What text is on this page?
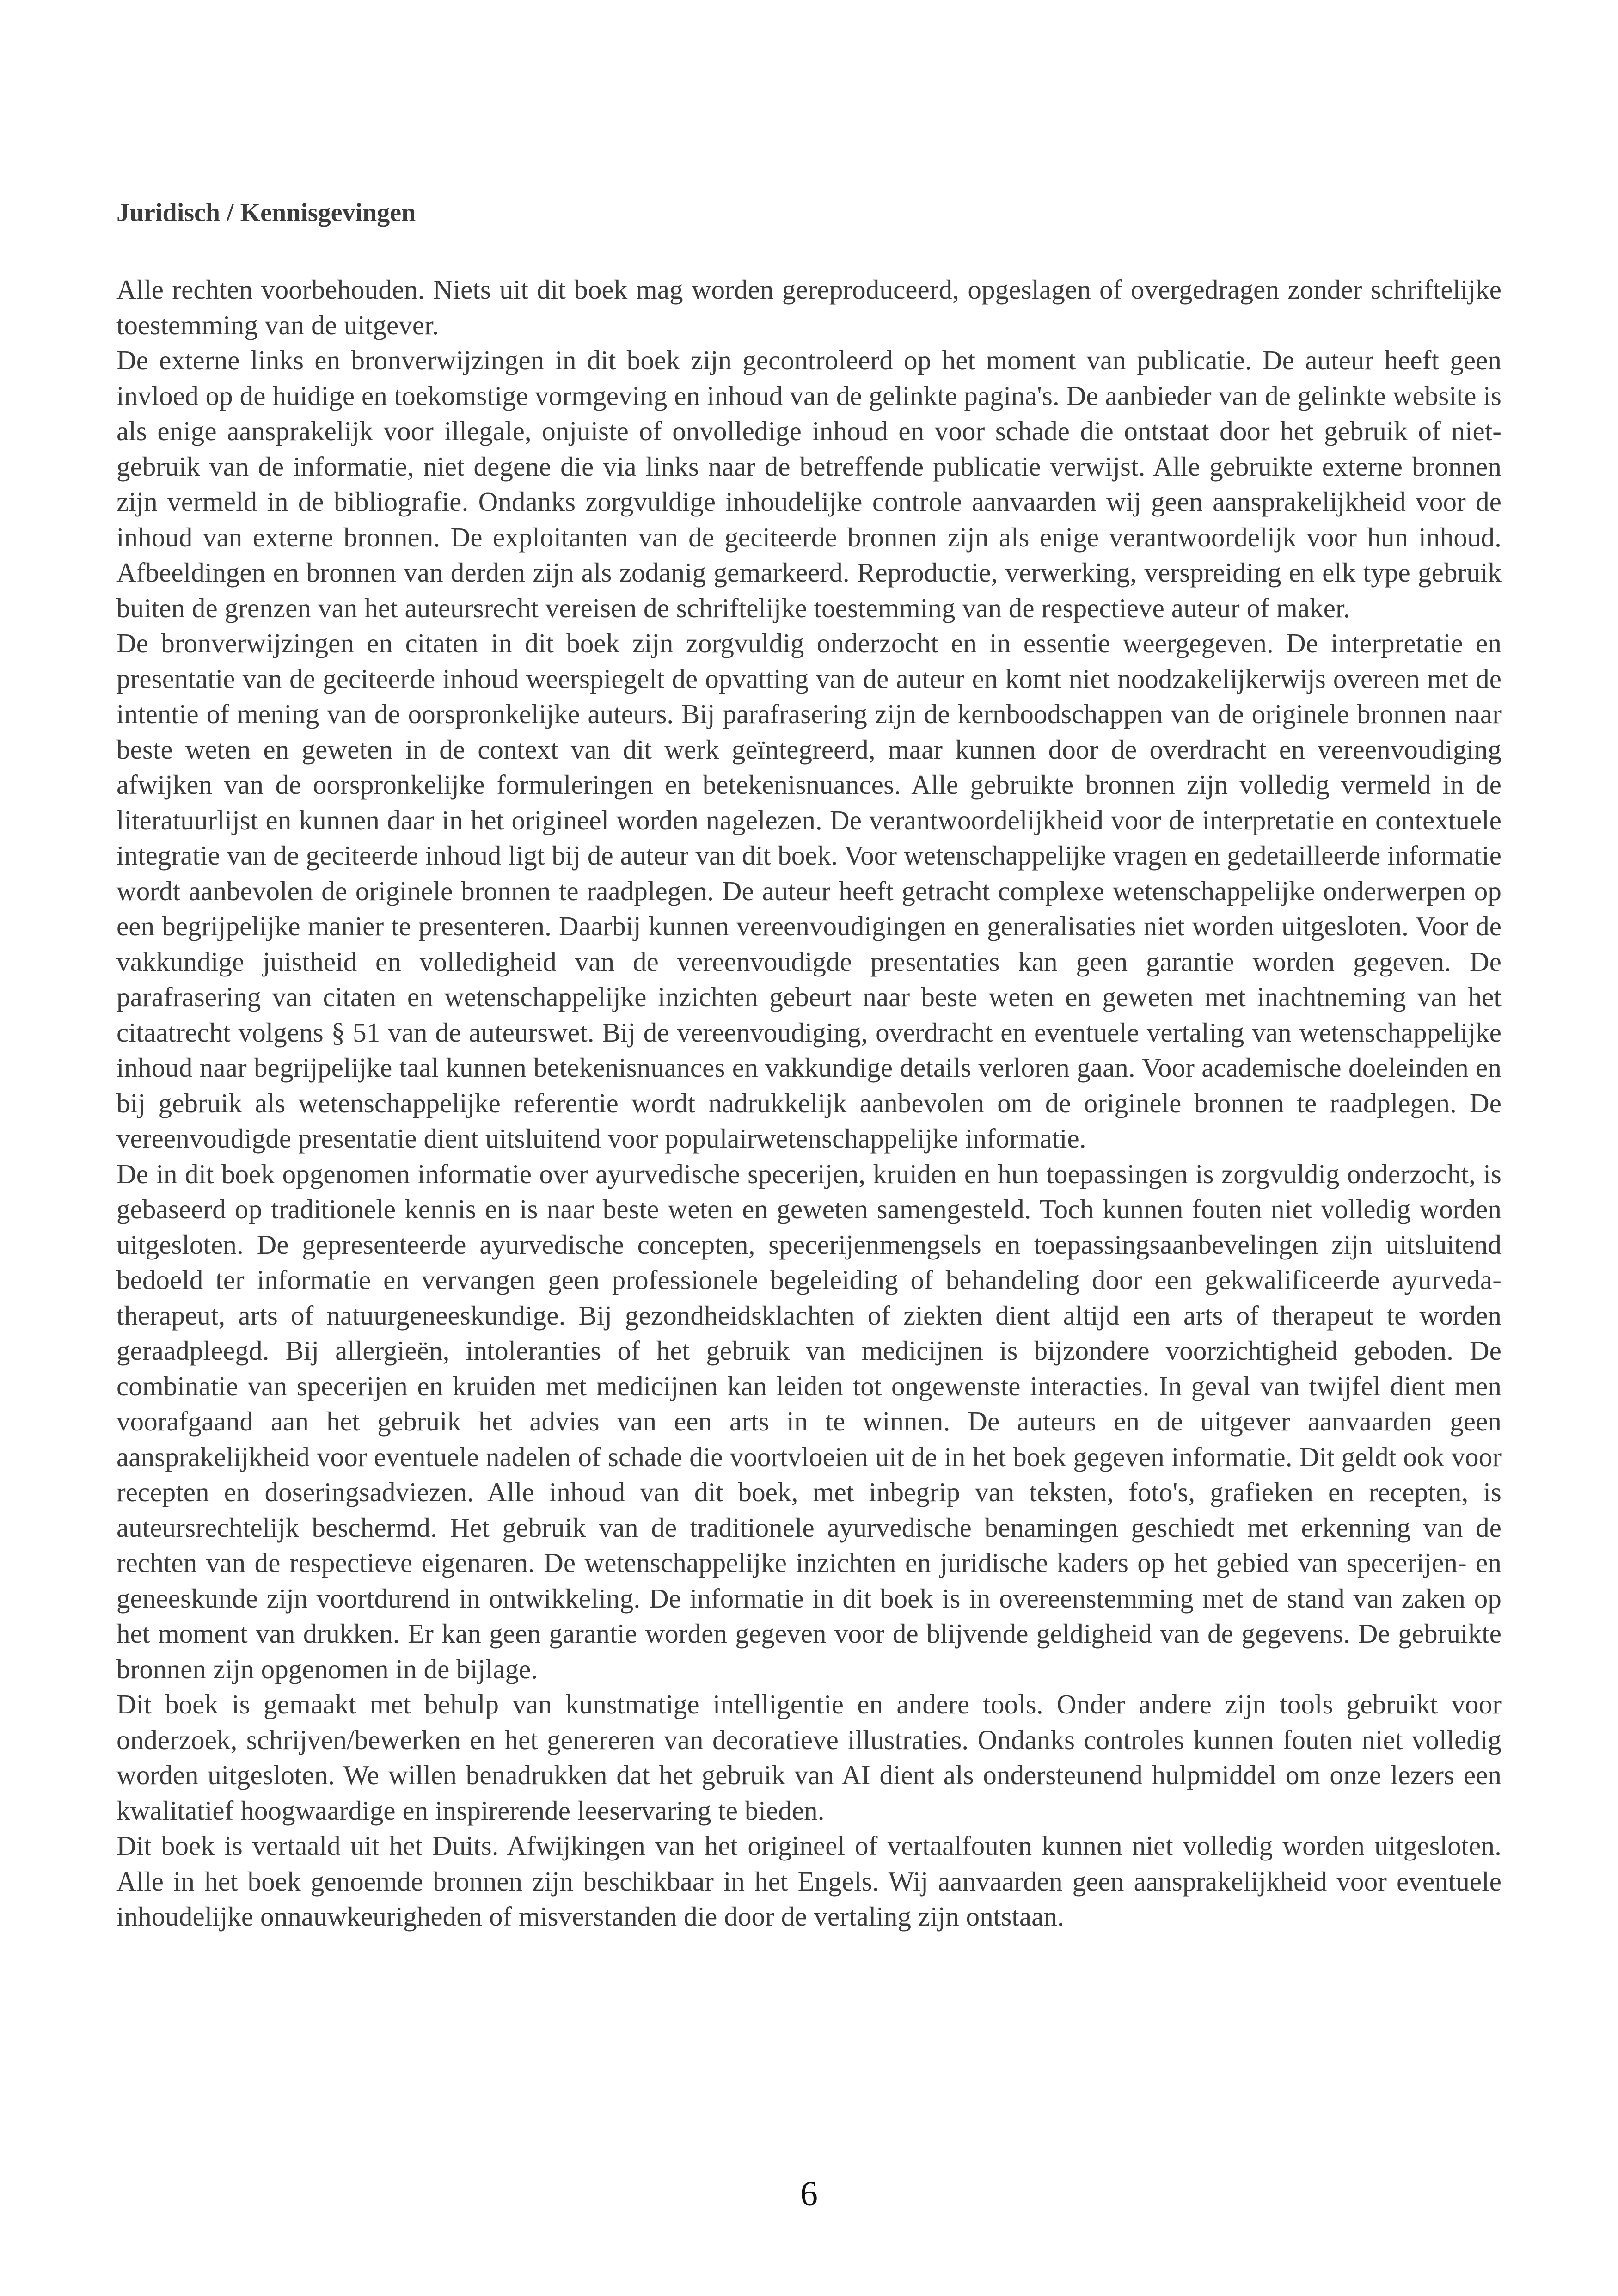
Juridisch / Kennisgevingen

Alle rechten voorbehouden. Niets uit dit boek mag worden gereproduceerd, opgeslagen of overgedragen zonder schriftelijke toestemming van de uitgever.

De externe links en bronverwijzingen in dit boek zijn gecontroleerd op het moment van publicatie. De auteur heeft geen invloed op de huidige en toekomstige vormgeving en inhoud van de gelinkte pagina's. De aanbieder van de gelinkte website is als enige aansprakelijk voor illegale, onjuiste of onvolledige inhoud en voor schade die ontstaat door het gebruik of niet-gebruik van de informatie, niet degene die via links naar de betreffende publicatie verwijst. Alle gebruikte externe bronnen zijn vermeld in de bibliografie. Ondanks zorgvuldige inhoudelijke controle aanvaarden wij geen aansprakelijkheid voor de inhoud van externe bronnen. De exploitanten van de geciteerde bronnen zijn als enige verantwoordelijk voor hun inhoud. Afbeeldingen en bronnen van derden zijn als zodanig gemarkeerd. Reproductie, verwerking, verspreiding en elk type gebruik buiten de grenzen van het auteursrecht vereisen de schriftelijke toestemming van de respectieve auteur of maker.

De bronverwijzingen en citaten in dit boek zijn zorgvuldig onderzocht en in essentie weergegeven. De interpretatie en presentatie van de geciteerde inhoud weerspiegelt de opvatting van de auteur en komt niet noodzakelijkerwijs overeen met de intentie of mening van de oorspronkelijke auteurs. Bij parafrasering zijn de kernboodschappen van de originele bronnen naar beste weten en geweten in de context van dit werk geïntegreerd, maar kunnen door de overdracht en vereenvoudiging afwijken van de oorspronkelijke formuleringen en betekenisnuances. Alle gebruikte bronnen zijn volledig vermeld in de literatuurlijst en kunnen daar in het origineel worden nagelezen. De verantwoordelijkheid voor de interpretatie en contextuele integratie van de geciteerde inhoud ligt bij de auteur van dit boek. Voor wetenschappelijke vragen en gedetailleerde informatie wordt aanbevolen de originele bronnen te raadplegen. De auteur heeft getracht complexe wetenschappelijke onderwerpen op een begrijpelijke manier te presenteren. Daarbij kunnen vereenvoudigingen en generalisaties niet worden uitgesloten. Voor de vakkundige juistheid en volledigheid van de vereenvoudigde presentaties kan geen garantie worden gegeven. De parafrasering van citaten en wetenschappelijke inzichten gebeurt naar beste weten en geweten met inachtneming van het citaatrecht volgens § 51 van de auteurswet. Bij de vereenvoudiging, overdracht en eventuele vertaling van wetenschappelijke inhoud naar begrijpelijke taal kunnen betekenisnuances en vakkundige details verloren gaan. Voor academische doeleinden en bij gebruik als wetenschappelijke referentie wordt nadrukkelijk aanbevolen om de originele bronnen te raadplegen. De vereenvoudigde presentatie dient uitsluitend voor populairwetenschappelijke informatie.

De in dit boek opgenomen informatie over ayurvedische specerijen, kruiden en hun toepassingen is zorgvuldig onderzocht, is gebaseerd op traditionele kennis en is naar beste weten en geweten samengesteld. Toch kunnen fouten niet volledig worden uitgesloten. De gepresenteerde ayurvedische concepten, specerijenmengsels en toepassingsaanbevelingen zijn uitsluitend bedoeld ter informatie en vervangen geen professionele begeleiding of behandeling door een gekwalificeerde ayurveda-therapeut, arts of natuurgeneeskundige. Bij gezondheidsklachten of ziekten dient altijd een arts of therapeut te worden geraadpleegd. Bij allergieën, intoleranties of het gebruik van medicijnen is bijzondere voorzichtigheid geboden. De combinatie van specerijen en kruiden met medicijnen kan leiden tot ongewenste interacties. In geval van twijfel dient men voorafgaand aan het gebruik het advies van een arts in te winnen. De auteurs en de uitgever aanvaarden geen aansprakelijkheid voor eventuele nadelen of schade die voortvloeien uit de in het boek gegeven informatie. Dit geldt ook voor recepten en doseringsadviezen. Alle inhoud van dit boek, met inbegrip van teksten, foto's, grafieken en recepten, is auteursrechtelijk beschermd. Het gebruik van de traditionele ayurvedische benamingen geschiedt met erkenning van de rechten van de respectieve eigenaren. De wetenschappelijke inzichten en juridische kaders op het gebied van specerijen- en geneeskunde zijn voortdurend in ontwikkeling. De informatie in dit boek is in overeenstemming met de stand van zaken op het moment van drukken. Er kan geen garantie worden gegeven voor de blijvende geldigheid van de gegevens. De gebruikte bronnen zijn opgenomen in de bijlage.

Dit boek is gemaakt met behulp van kunstmatige intelligentie en andere tools. Onder andere zijn tools gebruikt voor onderzoek, schrijven/bewerken en het genereren van decoratieve illustraties. Ondanks controles kunnen fouten niet volledig worden uitgesloten. We willen benadrukken dat het gebruik van AI dient als ondersteunend hulpmiddel om onze lezers een kwalitatief hoogwaardige en inspirerende leeservaring te bieden.

Dit boek is vertaald uit het Duits. Afwijkingen van het origineel of vertaalfouten kunnen niet volledig worden uitgesloten. Alle in het boek genoemde bronnen zijn beschikbaar in het Engels. Wij aanvaarden geen aansprakelijkheid voor eventuele inhoudelijke onnauwkeurigheden of misverstanden die door de vertaling zijn ontstaan.

6
